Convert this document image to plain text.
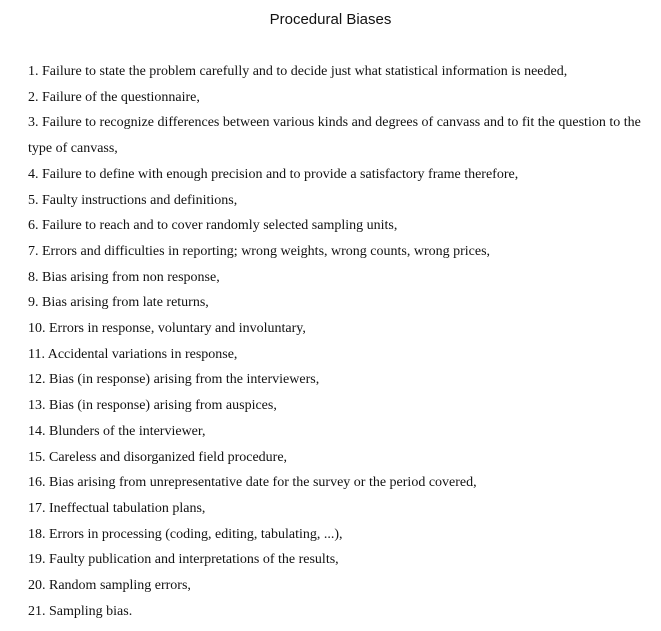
Procedural Biases
1. Failure to state the problem carefully and to decide just what statistical information is needed,
2. Failure of the questionnaire,
3. Failure to recognize differences between various kinds and degrees of canvass and to fit the question to the type of canvass,
4. Failure to define with enough precision and to provide a satisfactory frame therefore,
5. Faulty instructions and definitions,
6. Failure to reach and to cover randomly selected sampling units,
7. Errors and difficulties in reporting; wrong weights, wrong counts, wrong prices,
8. Bias arising from non response,
9. Bias arising from late returns,
10. Errors in response, voluntary and involuntary,
11. Accidental variations in response,
12. Bias (in response) arising from the interviewers,
13. Bias (in response) arising from auspices,
14. Blunders of the interviewer,
15. Careless and disorganized field procedure,
16. Bias arising from unrepresentative date for the survey or the period covered,
17. Ineffectual tabulation plans,
18. Errors in processing (coding, editing, tabulating, ...),
19. Faulty publication and interpretations of the results,
20. Random sampling errors,
21. Sampling bias.
